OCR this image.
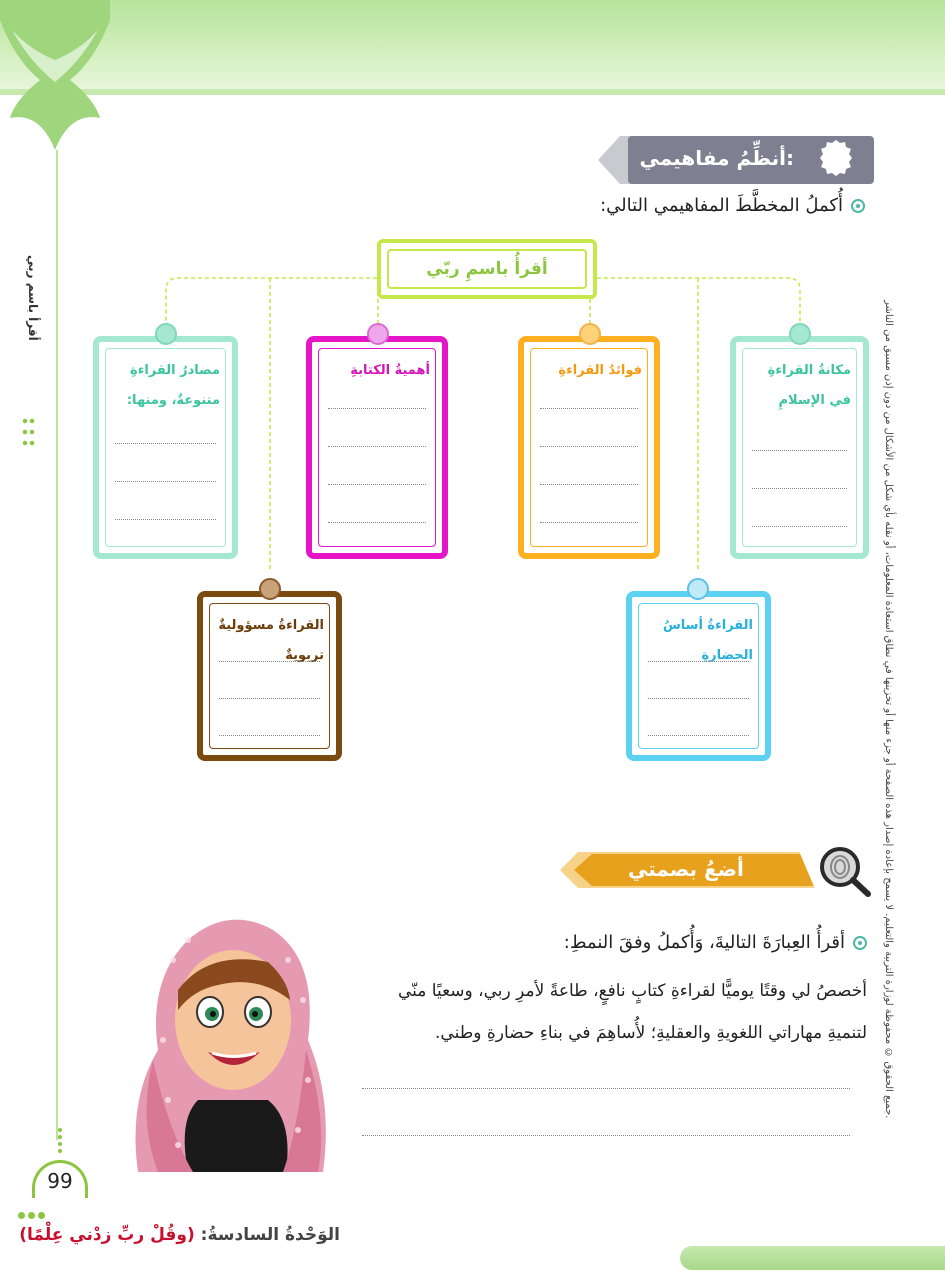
أقرأ باسم ربي
جميع الحقوق © محفوظة لوزارة التربية والتعليم. لا يسمح بإعادة إصدار هذه الصفحة أو جزء منها أو تخزينها في نطاق استعادة المعلومات، أو نقله بأي شكل من الأشكال من دون إذن مسبق من الناشر.
أنظِّمُ مفاهيمي:
أُكملُ المخطَّطَ المفاهيمي التالي:
أقرأُ باسمِ ربّي
مكانةُ القراءةِ في الإسلامِ
فوائدُ القراءةِ
أهميةُ الكتابةِ
مصادرُ القراءةِ متنوعةٌ، ومنها:
القراءةُ أساسُ الحضارةِ
القراءةُ مسؤوليةٌ تربويةٌ
أضعُ بصمتي
أقرأُ العِبارَةَ التاليةَ، وَأُكملُ وفقَ النمطِ:
أخصصُ لي وقتًا يوميًّا لقراءةِ كتابٍ نافعٍ، طاعةً لأمرِ ربي، وسعيًا منّي لتنميةِ مهاراتي اللغويةِ والعقليةِ؛ لأُساهِمَ في بناءِ حضارةِ وطني.
99
الوَحْدةُ السادسةُ: (وقُلْ ربِّ زدْني عِلْمًا)
